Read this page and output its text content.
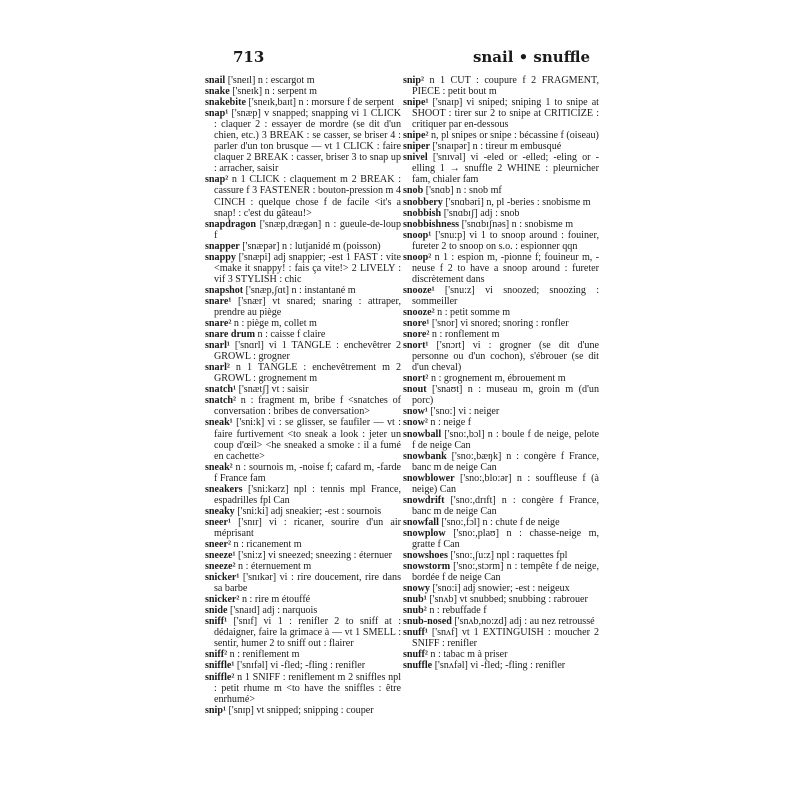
713	snail • snuffle

snail ['sneɪl] n : escargot m

snake ['sneɪk] n : serpent m

snakebite ['sneɪk,baɪt] n : morsure f de serpent

snap¹ ['snæp] v snapped; snapping vi 1 CLICK : claquer 2 : essayer de mordre (se dit d'un chien, etc.) 3 BREAK : se casser, se briser 4 : parler d'un ton brusque — vt 1 CLICK : faire claquer 2 BREAK : casser, briser 3 to snap up : arracher, saisir

snap² n 1 CLICK : claquement m 2 BREAK : cassure f 3 FASTENER : bouton-pression m 4 CINCH : quelque chose f de facile <it's a snap! : c'est du gâteau!>

snapdragon ['snæp,drægən] n : gueule-de-loup f

snapper ['snæpər] n : lutjanidé m (poisson)

snappy ['snæpi] adj snappier; -est 1 FAST : vite <make it snappy! : fais ça vite!> 2 LIVELY : vif 3 STYLISH : chic

snapshot ['snæp,ʃɑt] n : instantané m

snare¹ ['snær] vt snared; snaring : attraper, prendre au piège

snare² n : piège m, collet m

snare drum n : caisse f claire

snarl¹ ['snɑrl] vi 1 TANGLE : enchevêtrer 2 GROWL : grogner

snarl² n 1 TANGLE : enchevêtrement m 2 GROWL : grognement m

snatch¹ ['snætʃ] vt : saisir

snatch² n : fragment m, bribe f <snatches of conversation : bribes de conversation>

sneak¹ ['sni:k] vi : se glisser, se faufiler — vt : faire furtivement <to sneak a look : jeter un coup d'œil> <he sneaked a smoke : il a fumé en cachette>

sneak² n : sournois m, -noise f; cafard m, -farde f France fam

sneakers ['sni:kərz] npl : tennis mpl France, espadrilles fpl Can

sneaky ['sni:ki] adj sneakier; -est : sournois

sneer¹ ['snɪr] vi : ricaner, sourire d'un air méprisant

sneer² n : ricanement m

sneeze¹ ['sni:z] vi sneezed; sneezing : éternuer

sneeze² n : éternuement m

snicker¹ ['snɪkər] vi : rire doucement, rire dans sa barbe

snicker² n : rire m étouffé

snide ['snaɪd] adj : narquois

sniff¹ ['snɪf] vi 1 : renifler 2 to sniff at : dédaigner, faire la grimace à — vt 1 SMELL : sentir, humer 2 to sniff out : flairer

sniff² n : reniflement m

sniffle¹ ['snɪfəl] vi -fled; -fling : renifler

sniffle² n 1 SNIFF : reniflement m 2 sniffles npl : petit rhume m <to have the sniffles : être enrhumé>

snip¹ ['snɪp] vt snipped; snipping : couper

snip² n 1 CUT : coupure f 2 FRAGMENT, PIECE : petit bout m

snipe¹ ['snaɪp] vi sniped; sniping 1 to snipe at SHOOT : tirer sur 2 to snipe at CRITICIZE : critiquer par en-dessous

snipe² n, pl snipes or snipe : bécassine f (oiseau)

sniper ['snaɪpər] n : tireur m embusqué

snivel ['snɪvəl] vi -eled or -elled; -eling or -elling 1 → snuffle 2 WHINE : pleurnicher fam, chialer fam

snob ['snɑb] n : snob mf

snobbery ['snɑbəri] n, pl -beries : snobisme m

snobbish ['snɑbɪʃ] adj : snob

snobbishness ['snɑbɪʃnəs] n : snobisme m

snoop¹ ['snu:p] vi 1 to snoop around : fouiner, fureter 2 to snoop on s.o. : espionner qqn

snoop² n 1 : espion m, -pionne f; fouineur m, -neuse f 2 to have a snoop around : fureter discrètement dans

snooze¹ ['snu:z] vi snoozed; snoozing : sommeiller

snooze² n : petit somme m

snore¹ ['snor] vi snored; snoring : ronfler

snore² n : ronflement m

snort¹ ['snɔrt] vi : grogner (se dit d'une personne ou d'un cochon), s'ébrouer (se dit d'un cheval)

snort² n : grognement m, ébrouement m

snout ['snaʊt] n : museau m, groin m (d'un porc)

snow¹ ['sno:] vi : neiger

snow² n : neige f

snowball ['sno:,bɔl] n : boule f de neige, pelote f de neige Can

snowbank ['sno:,bæŋk] n : congère f France, banc m de neige Can

snowblower ['sno:,blo:ər] n : souffleuse f (à neige) Can

snowdrift ['sno:,drɪft] n : congère f France, banc m de neige Can

snowfall ['sno:,fɔl] n : chute f de neige

snowplow ['sno:,plaʊ] n : chasse-neige m, gratte f Can

snowshoes ['sno:,ʃu:z] npl : raquettes fpl

snowstorm ['sno:,stɔrm] n : tempête f de neige, bordée f de neige Can

snowy ['sno:i] adj snowier; -est : neigeux

snub¹ ['snʌb] vt snubbed; snubbing : rabrouer

snub² n : rebuffade f

snub-nosed ['snʌb,no:zd] adj : au nez retroussé

snuff¹ ['snʌf] vt 1 EXTINGUISH : moucher 2 SNIFF : renifler

snuff² n : tabac m à priser

snuffle ['snʌfəl] vi -fled; -fling : renifler
